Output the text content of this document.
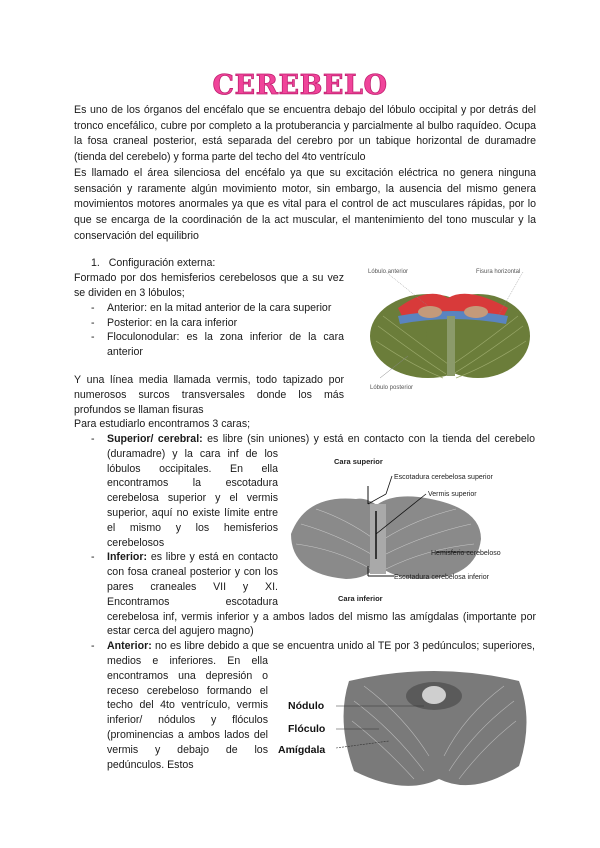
CEREBELO
Es uno de los órganos del encéfalo que se encuentra debajo del lóbulo occipital y por detrás del tronco encefálico, cubre por completo a la protuberancia y parcialmente al bulbo raquídeo. Ocupa la fosa craneal posterior, está separada del cerebro por un tabique horizontal de duramadre (tienda del cerebelo) y forma parte del techo del 4to ventrículo
Es llamado el área silenciosa del encéfalo ya que su excitación eléctrica no genera ninguna sensación y raramente algún movimiento motor, sin embargo, la ausencia del mismo genera movimientos motores anormales ya que es vital para el control de act musculares rápidas, por lo que se encarga de la coordinación de la act muscular, el mantenimiento del tono muscular y la conservación del equilibrio
Lóbulo anterior	Fisura horizontal
Lóbulo posterior
1. Configuración externa:
Formado por dos hemisferios cerebelosos que a su vez se dividen en 3 lóbulos;
- Anterior: en la mitad anterior de la cara superior
- Posterior: en la cara inferior
- Floculonodular: es la zona inferior de la cara anterior
Y una línea media llamada vermis, todo tapizado por numerosos surcos transversales donde los más profundos se llaman fisuras
Para estudiarlo encontramos 3 caras;
Cara superior
Escotadura cerebelosa superior
Vermis superior
Hemisferio cerebeloso
Escotadura cerebelosa inferior
Cara inferior
- Superior/ cerebral: es libre (sin uniones) y está en contacto con la tienda del cerebelo (duramadre) y la cara inf de los lóbulos occipitales. En ella encontramos la escotadura cerebelosa superior y el vermis superior, aquí no existe límite entre el mismo y los hemisferios cerebelosos
- Inferior: es libre y está en contacto con fosa craneal posterior y con los pares craneales VII y XI. Encontramos escotadura cerebelosa inf, vermis inferior y a ambos lados del mismo las amígdalas (importante por estar cerca del agujero magno)
Nódulo
Flóculo
Amígdala
- Anterior: no es libre debido a que se encuentra unido al TE por 3 pedúnculos; superiores, medios e inferiores. En ella encontramos una depresión o receso cerebeloso formando el techo del 4to ventrículo, vermis inferior/ nódulos y flóculos (prominencias a ambos lados del vermis y debajo de los pedúnculos. Estos
